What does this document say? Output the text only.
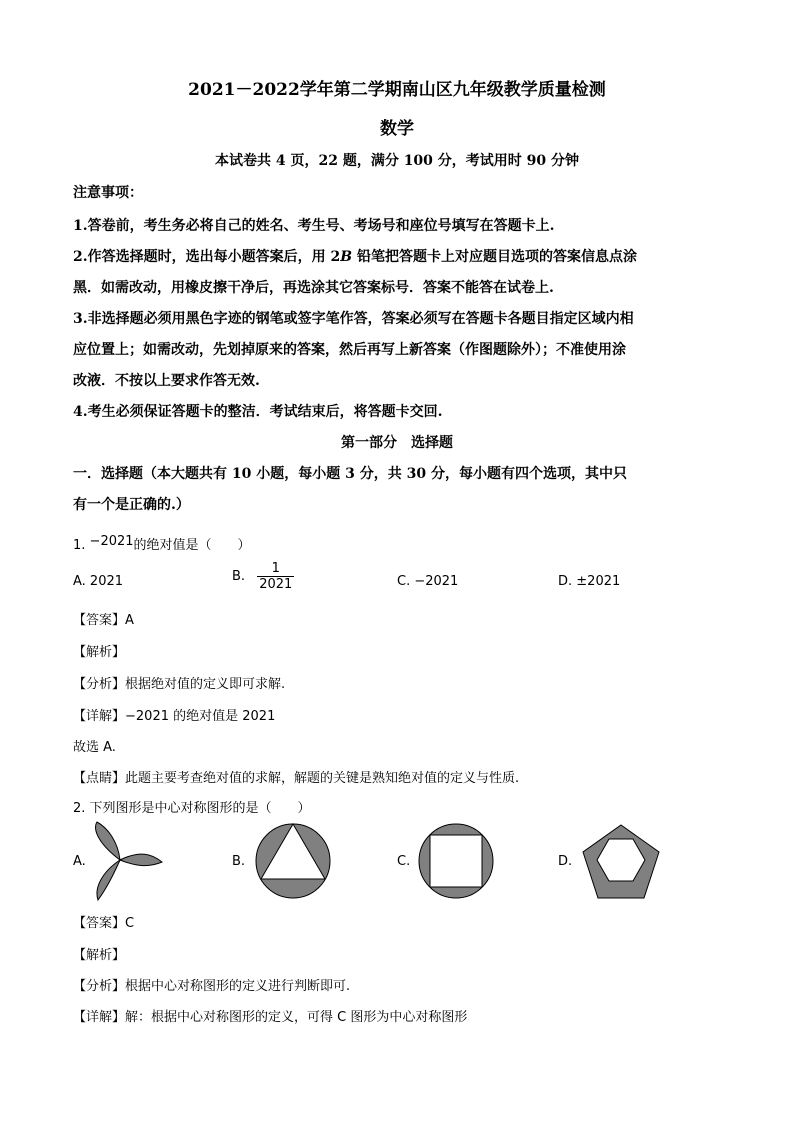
2021－2022学年第二学期南山区九年级教学质量检测
数学
本试卷共 4 页，22 题，满分 100 分，考试用时 90 分钟
注意事项：
1.答卷前，考生务必将自己的姓名、考生号、考场号和座位号填写在答题卡上.
2.作答选择题时，选出每小题答案后，用 2B 铅笔把答题卡上对应题目选项的答案信息点涂
黑．如需改动，用橡皮擦干净后，再选涂其它答案标号．答案不能答在试卷上.
3.非选择题必须用黑色字迹的钢笔或签字笔作答，答案必须写在答题卡各题目指定区域内相
应位置上；如需改动，先划掉原来的答案，然后再写上新答案（作图题除外）；不准使用涂
改液．不按以上要求作答无效.
4.考生必须保证答题卡的整洁．考试结束后，将答题卡交回.
第一部分　选择题
一．选择题（本大题共有 10 小题，每小题 3 分，共 30 分，每小题有四个选项，其中只
有一个是正确的.）
1. −2021的绝对值是（　　）
A. 2021	B. $\frac{1}{2021}$	C. −2021	D. ±2021
【答案】A
【解析】
【分析】根据绝对值的定义即可求解.
【详解】−2021 的绝对值是 2021
故选 A.
【点睛】此题主要考查绝对值的求解，解题的关键是熟知绝对值的定义与性质.
2. 下列图形是中心对称图形的是（　　）
A.	B.	C.	D.
【答案】C
【解析】
【分析】根据中心对称图形的定义进行判断即可.
【详解】解：根据中心对称图形的定义，可得 C 图形为中心对称图形
